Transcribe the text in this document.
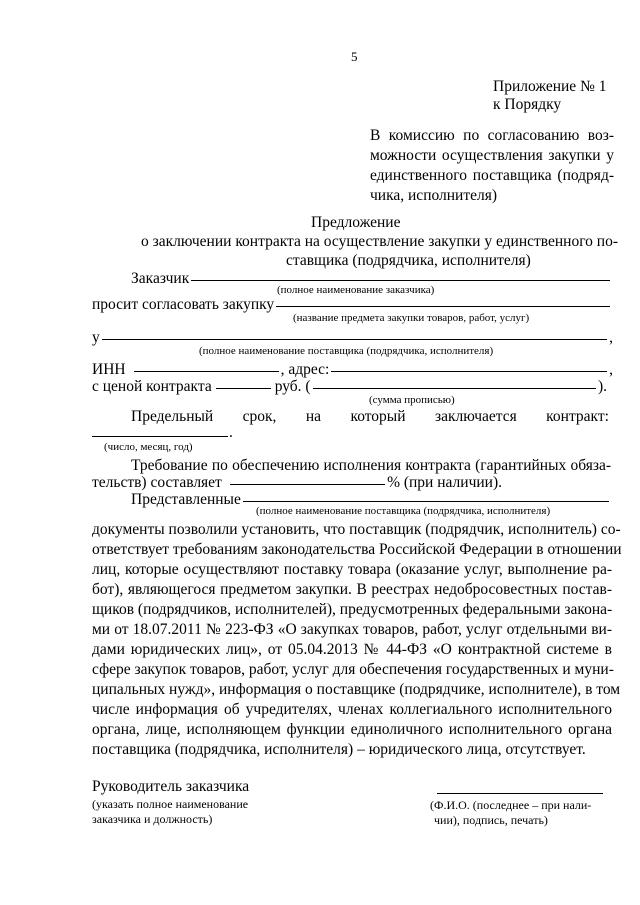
5
Приложение № 1
к Порядку
В комиссию по согласованию воз-
можности осуществления закупки у
единственного поставщика (подряд-
чика, исполнителя)
Предложение
о заключении контракта на осуществление закупки у единственного по-
ставщика (подрядчика, исполнителя)
Заказчик
(полное наименование заказчика)
просит согласовать закупку
(название предмета закупки товаров, работ, услуг)
у	,
(полное наименование поставщика (подрядчика, исполнителя)
ИНН	, адрес:	,
с ценой контракта	руб. (	).
(сумма прописью)
Предельный срок, на который заключается контракт:
.
(число, месяц, год)
Требование по обеспечению исполнения контракта (гарантийных обяза-
тельств) составляет	% (при наличии).
Представленные
(полное наименование поставщика (подрядчика, исполнителя)
документы позволили установить, что поставщик (подрядчик, исполнитель) со-
ответствует требованиям законодательства Российской Федерации в отношении
лиц, которые осуществляют поставку товара (оказание услуг, выполнение ра-
бот), являющегося предметом закупки. В реестрах недобросовестных постав-
щиков (подрядчиков, исполнителей), предусмотренных федеральными законa-
ми от 18.07.2011 № 223-ФЗ «О закупках товаров, работ, услуг отдельными ви-
дами юридических лиц», от 05.04.2013 № 44-ФЗ «О контрактной системе в
сфере закупок товаров, работ, услуг для обеспечения государственных и муни-
ципальных нужд», информация о поставщике (подрядчике, исполнителе), в том
числе информация об учредителях, членах коллегиального исполнительного
органа, лице, исполняющем функции единоличного исполнительного органа
поставщика (подрядчика, исполнителя) – юридического лица, отсутствует.
Руководитель заказчика
(указать полное наименование
заказчика и должность)
(Ф.И.О. (последнее – при нали-
чии), подпись, печать)
